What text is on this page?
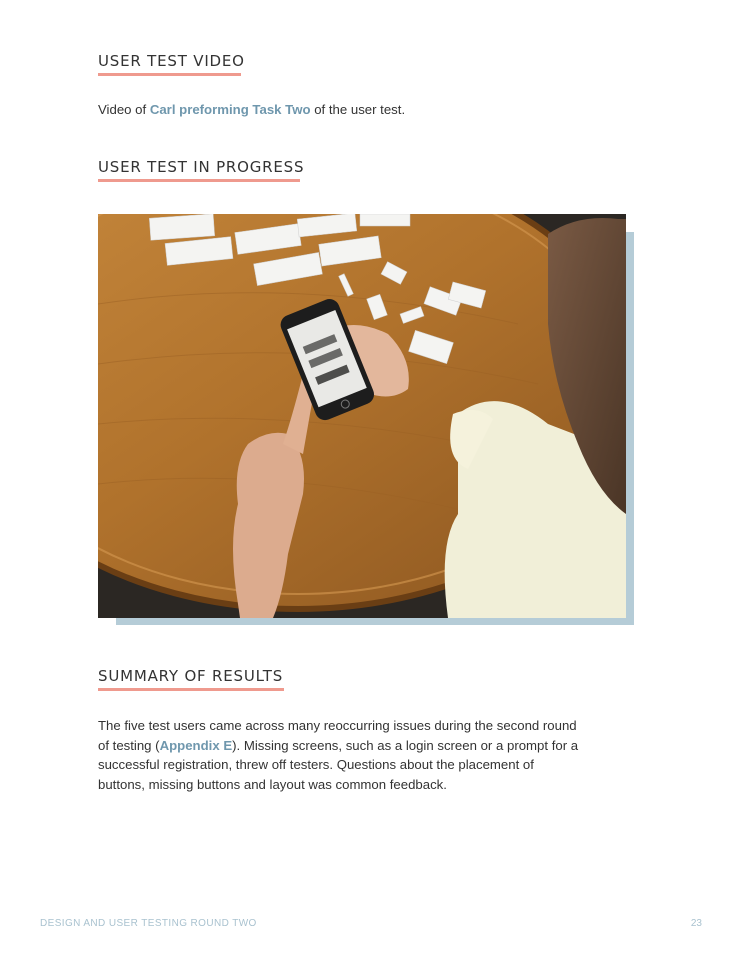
USER TEST VIDEO

Video of Carl preforming Task Two of the user test.

USER TEST IN PROGRESS
SUMMARY OF RESULTS

The five test users came across many reoccurring issues during the second round of testing (Appendix E). Missing screens, such as a login screen or a prompt for a successful registration, threw off testers. Questions about the placement of buttons, missing buttons and layout was common feedback.

DESIGN AND USER TESTING ROUND TWO	23
